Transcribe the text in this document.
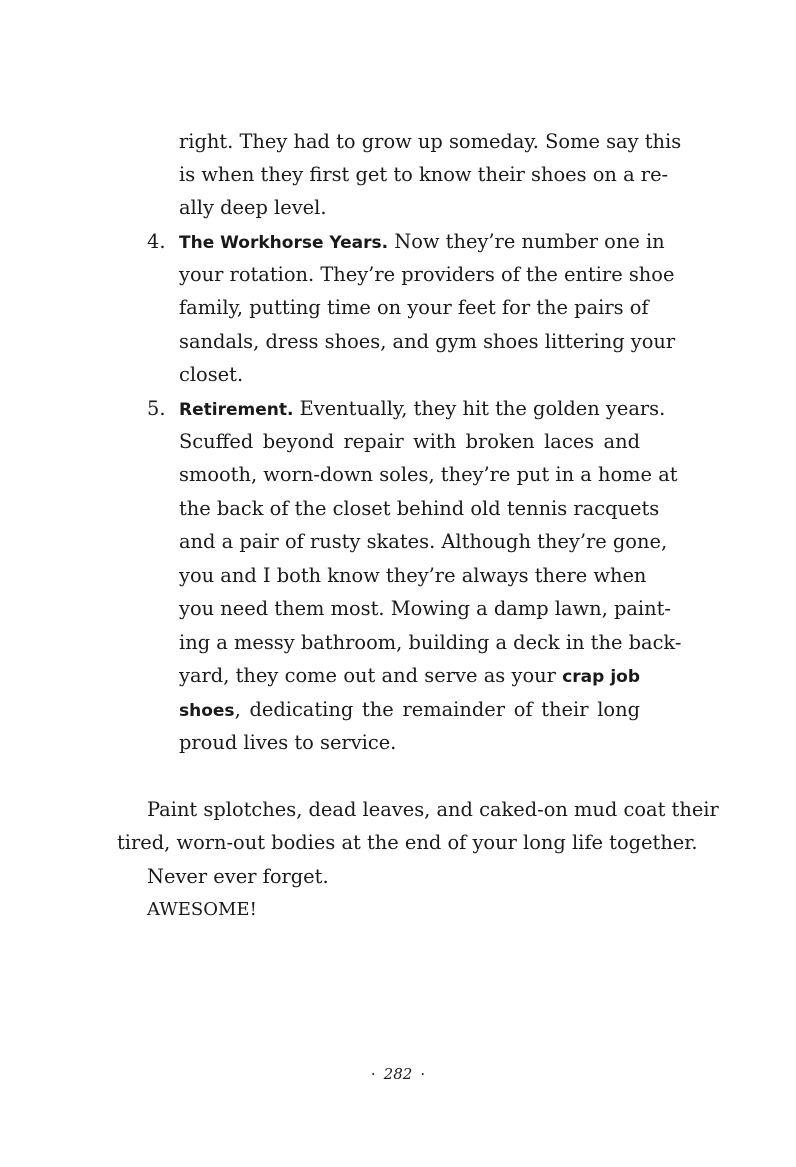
right. They had to grow up someday. Some say this
is when they first get to know their shoes on a re-
ally deep level.
4. The Workhorse Years. Now they’re number one in
your rotation. They’re providers of the entire shoe
family, putting time on your feet for the pairs of
sandals, dress shoes, and gym shoes littering your
closet.
5. Retirement. Eventually, they hit the golden years.
Scuffed beyond repair with broken laces and
smooth, worn-down soles, they’re put in a home at
the back of the closet behind old tennis racquets
and a pair of rusty skates. Although they’re gone,
you and I both know they’re always there when
you need them most. Mowing a damp lawn, paint-
ing a messy bathroom, building a deck in the back-
yard, they come out and serve as your crap job
shoes, dedicating the remainder of their long
proud lives to service.
Paint splotches, dead leaves, and caked-on mud coat their
tired, worn-out bodies at the end of your long life together.
Never ever forget.
AWESOME!
· 282 ·
